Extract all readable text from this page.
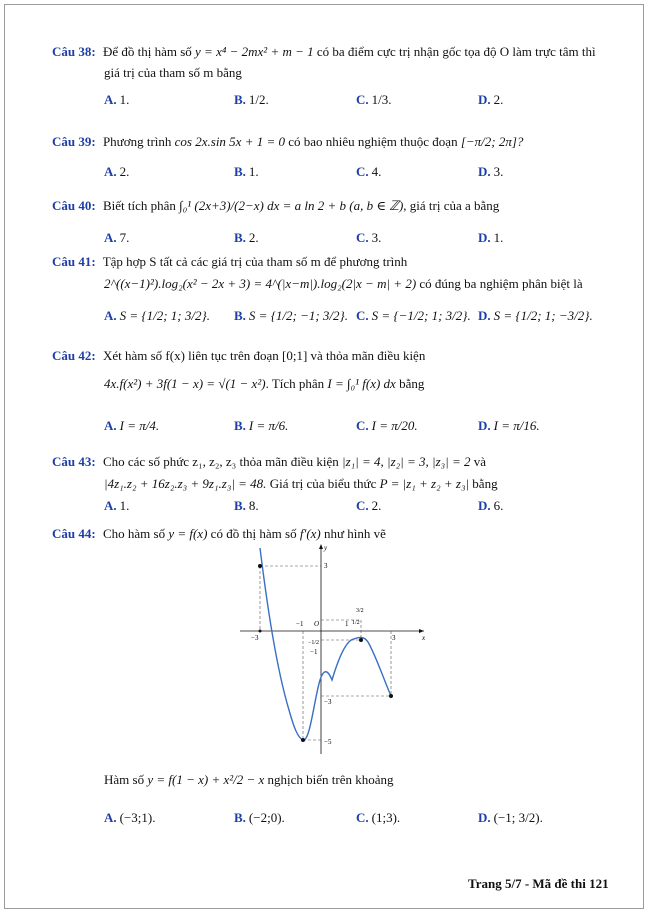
Câu 38: Để đồ thị hàm số y = x⁴ − 2mx² + m − 1 có ba điểm cực trị nhận gốc tọa độ O làm trực tâm thì
giá trị của tham số m bằng
A. 1.	B. 1/2.	C. 1/3.	D. 2.
Câu 39: Phương trình cos 2x.sin 5x + 1 = 0 có bao nhiêu nghiệm thuộc đoạn [−π/2; 2π]?
A. 2.	B. 1.	C. 4.	D. 3.
Câu 40: Biết tích phân ∫₀¹ (2x+3)/(2−x) dx = a ln 2 + b (a, b ∈ ℤ), giá trị của a bằng
A. 7.	B. 2.	C. 3.	D. 1.
Câu 41: Tập hợp S tất cả các giá trị của tham số m để phương trình
2^((x−1)²).log₂(x² − 2x + 3) = 4^(|x−m|).log₂(2|x − m| + 2) có đúng ba nghiệm phân biệt là
A. S = {1/2; 1; 3/2}. B. S = {1/2; −1; 3/2}. C. S = {−1/2; 1; 3/2}. D. S = {1/2; 1; −3/2}.
Câu 42: Xét hàm số f(x) liên tục trên đoạn [0;1] và thỏa mãn điều kiện
4x.f(x²) + 3f(1 − x) = √(1 − x²). Tích phân I = ∫₀¹ f(x) dx bằng
A. I = π/4.	B. I = π/6.	C. I = π/20.	D. I = π/16.
Câu 43: Cho các số phức z₁, z₂, z₃ thỏa mãn điều kiện |z₁| = 4, |z₂| = 3, |z₃| = 2 và
|4z₁.z₂ + 16z₂.z₃ + 9z₁.z₃| = 48. Giá trị của biểu thức P = |z₁ + z₂ + z₃| bằng
A. 1.	B. 8.	C. 2.	D. 6.
Câu 44: Cho hàm số y = f(x) có đồ thị hàm số f′(x) như hình vẽ
y
x
3
O
−1
−3
1
3
3/2
−1
−1/2
−3
−5
1/2
Hàm số y = f(1 − x) + x²/2 − x nghịch biến trên khoảng
A. (−3;1).	B. (−2;0).	C. (1;3).	D. (−1; 3/2).
Trang 5/7 - Mã đề thi 121
